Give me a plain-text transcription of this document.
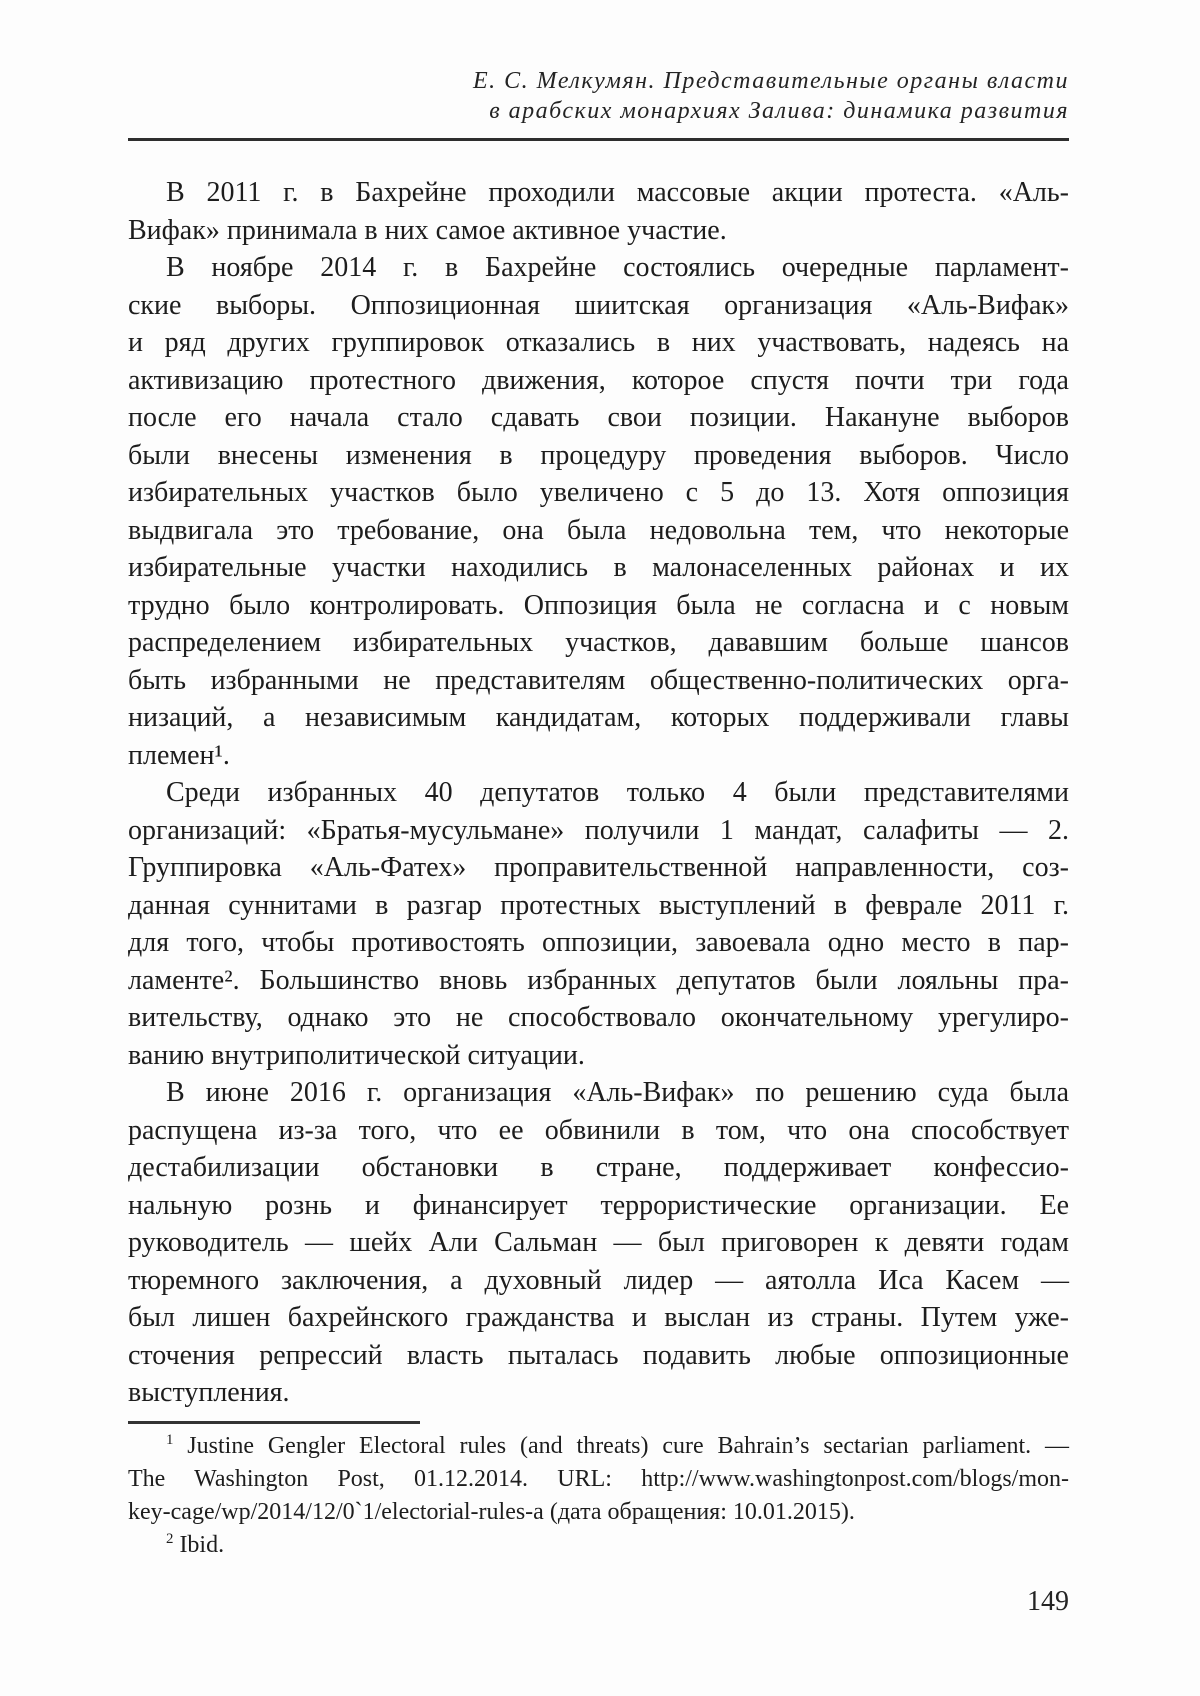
Е. С. Мелкумян. Представительные органы власти
в арабских монархиях Залива: динамика развития
В 2011 г. в Бахрейне проходили массовые акции протеста. «Аль-
Вифак» принимала в них самое активное участие.
В ноябре 2014 г. в Бахрейне состоялись очередные парламент-
ские выборы. Оппозиционная шиитская организация «Аль-Вифак»
и ряд других группировок отказались в них участвовать, надеясь на
активизацию протестного движения, которое спустя почти три года
после его начала стало сдавать свои позиции. Накануне выборов
были внесены изменения в процедуру проведения выборов. Число
избирательных участков было увеличено с 5 до 13. Хотя оппозиция
выдвигала это требование, она была недовольна тем, что некоторые
избирательные участки находились в малонаселенных районах и их
трудно было контролировать. Оппозиция была не согласна и с новым
распределением избирательных участков, дававшим больше шансов
быть избранными не представителям общественно-политических орга-
низаций, а независимым кандидатам, которых поддерживали главы
племен¹.
Среди избранных 40 депутатов только 4 были представителями
организаций: «Братья-мусульмане» получили 1 мандат, салафиты — 2.
Группировка «Аль-Фатех» проправительственной направленности, соз-
данная суннитами в разгар протестных выступлений в феврале 2011 г.
для того, чтобы противостоять оппозиции, завоевала одно место в пар-
ламенте². Большинство вновь избранных депутатов были лояльны пра-
вительству, однако это не способствовало окончательному урегулиро-
ванию внутриполитической ситуации.
В июне 2016 г. организация «Аль-Вифак» по решению суда была
распущена из-за того, что ее обвинили в том, что она способствует
дестабилизации обстановки в стране, поддерживает конфессио-
нальную рознь и финансирует террористические организации. Ее
руководитель — шейх Али Сальман — был приговорен к девяти годам
тюремного заключения, а духовный лидер — аятолла Иса Касем —
был лишен бахрейнского гражданства и выслан из страны. Путем уже-
сточения репрессий власть пыталась подавить любые оппозиционные
выступления.
$^1$ Justine Gengler Electoral rules (and threats) cure Bahrain’s sectarian parliament. —
The Washington Post, 01.12.2014. URL: http://www.washingtonpost.com/blogs/mon-
key-cage/wp/2014/12/0`1/electorial-rules-a (дата обращения: 10.01.2015).
$^2$ Ibid.
149
